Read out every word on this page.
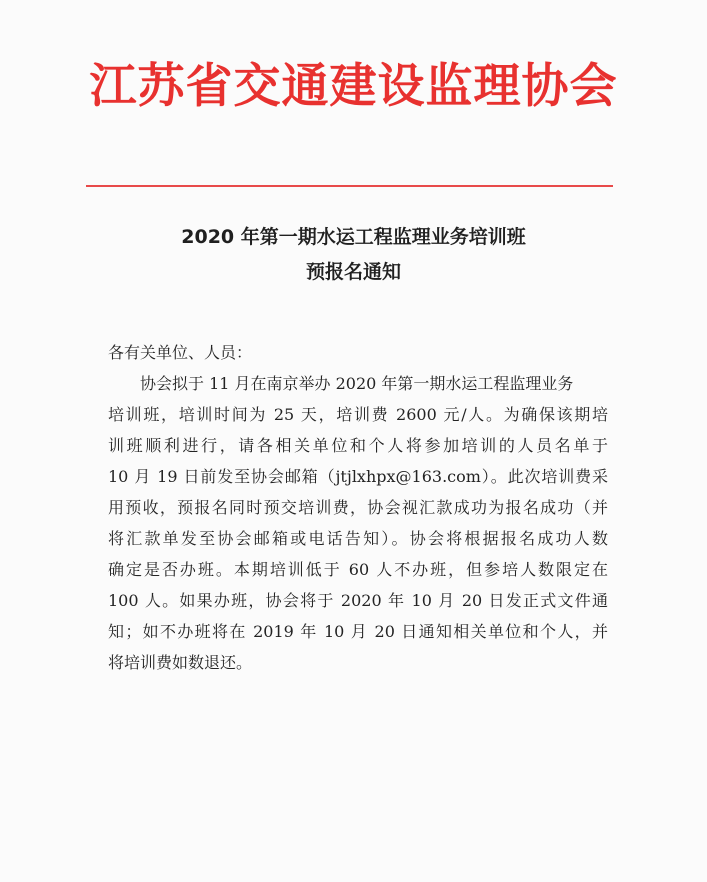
江苏省交通建设监理协会
2020 年第一期水运工程监理业务培训班
预报名通知
各有关单位、人员：
协会拟于 11 月在南京举办 2020 年第一期水运工程监理业务
培训班，培训时间为 25 天，培训费 2600 元/人。为确保该期培
训班顺利进行，请各相关单位和个人将参加培训的人员名单于
10 月 19 日前发至协会邮箱（jtjlxhpx@163.com）。此次培训费采
用预收，预报名同时预交培训费，协会视汇款成功为报名成功（并
将汇款单发至协会邮箱或电话告知）。协会将根据报名成功人数
确定是否办班。本期培训低于 60 人不办班，但参培人数限定在
100 人。如果办班，协会将于 2020 年 10 月 20 日发正式文件通
知；如不办班将在 2019 年 10 月 20 日通知相关单位和个人，并
将培训费如数退还。
